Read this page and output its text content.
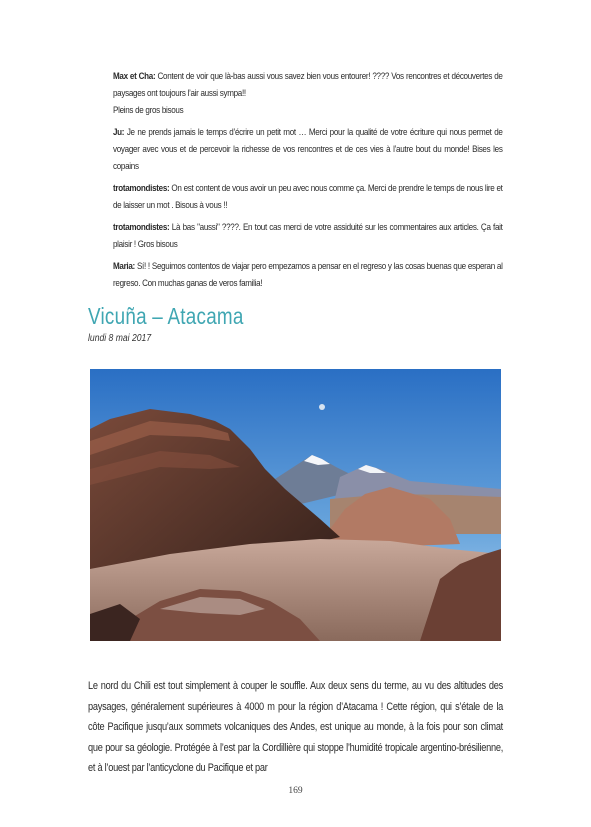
Max et Cha: Content de voir que là-bas aussi vous savez bien vous entourer! ???? Vos rencontres et découvertes de paysages ont toujours l’air aussi sympa!!
Pleins de gros bisous

Ju: Je ne prends jamais le temps d’écrire un petit mot … Merci pour la qualité de votre écriture qui nous permet de voyager avec vous et de percevoir la richesse de vos rencontres et de ces vies à l’autre bout du monde! Bises les copains

trotamondistes: On est content de vous avoir un peu avec nous comme ça. Merci de prendre le temps de nous lire et de laisser un mot . Bisous à vous !!

trotamondistes: Là bas "aussi" ????. En tout cas merci de votre assiduité sur les commentaires aux articles. Ça fait plaisir ! Gros bisous

Maria: Sí! ! Seguimos contentos de viajar pero empezamos a pensar en el regreso y las cosas buenas que esperan al regreso. Con muchas ganas de veros familia!

Vicuña – Atacama

lundi 8 mai 2017

Le nord du Chili est tout simplement à couper le souffle. Aux deux sens du terme, au vu des altitudes des paysages, généralement supérieures à 4000 m pour la région d’Atacama ! Cette région, qui s’étale de la côte Pacifique jusqu’aux sommets volcaniques des Andes, est unique au monde, à la fois pour son climat que pour sa géologie. Protégée à l’est par la Cordillière qui stoppe l’humidité tropicale argentino-brésilienne, et à l’ouest par l’anticyclone du Pacifique et par

169
